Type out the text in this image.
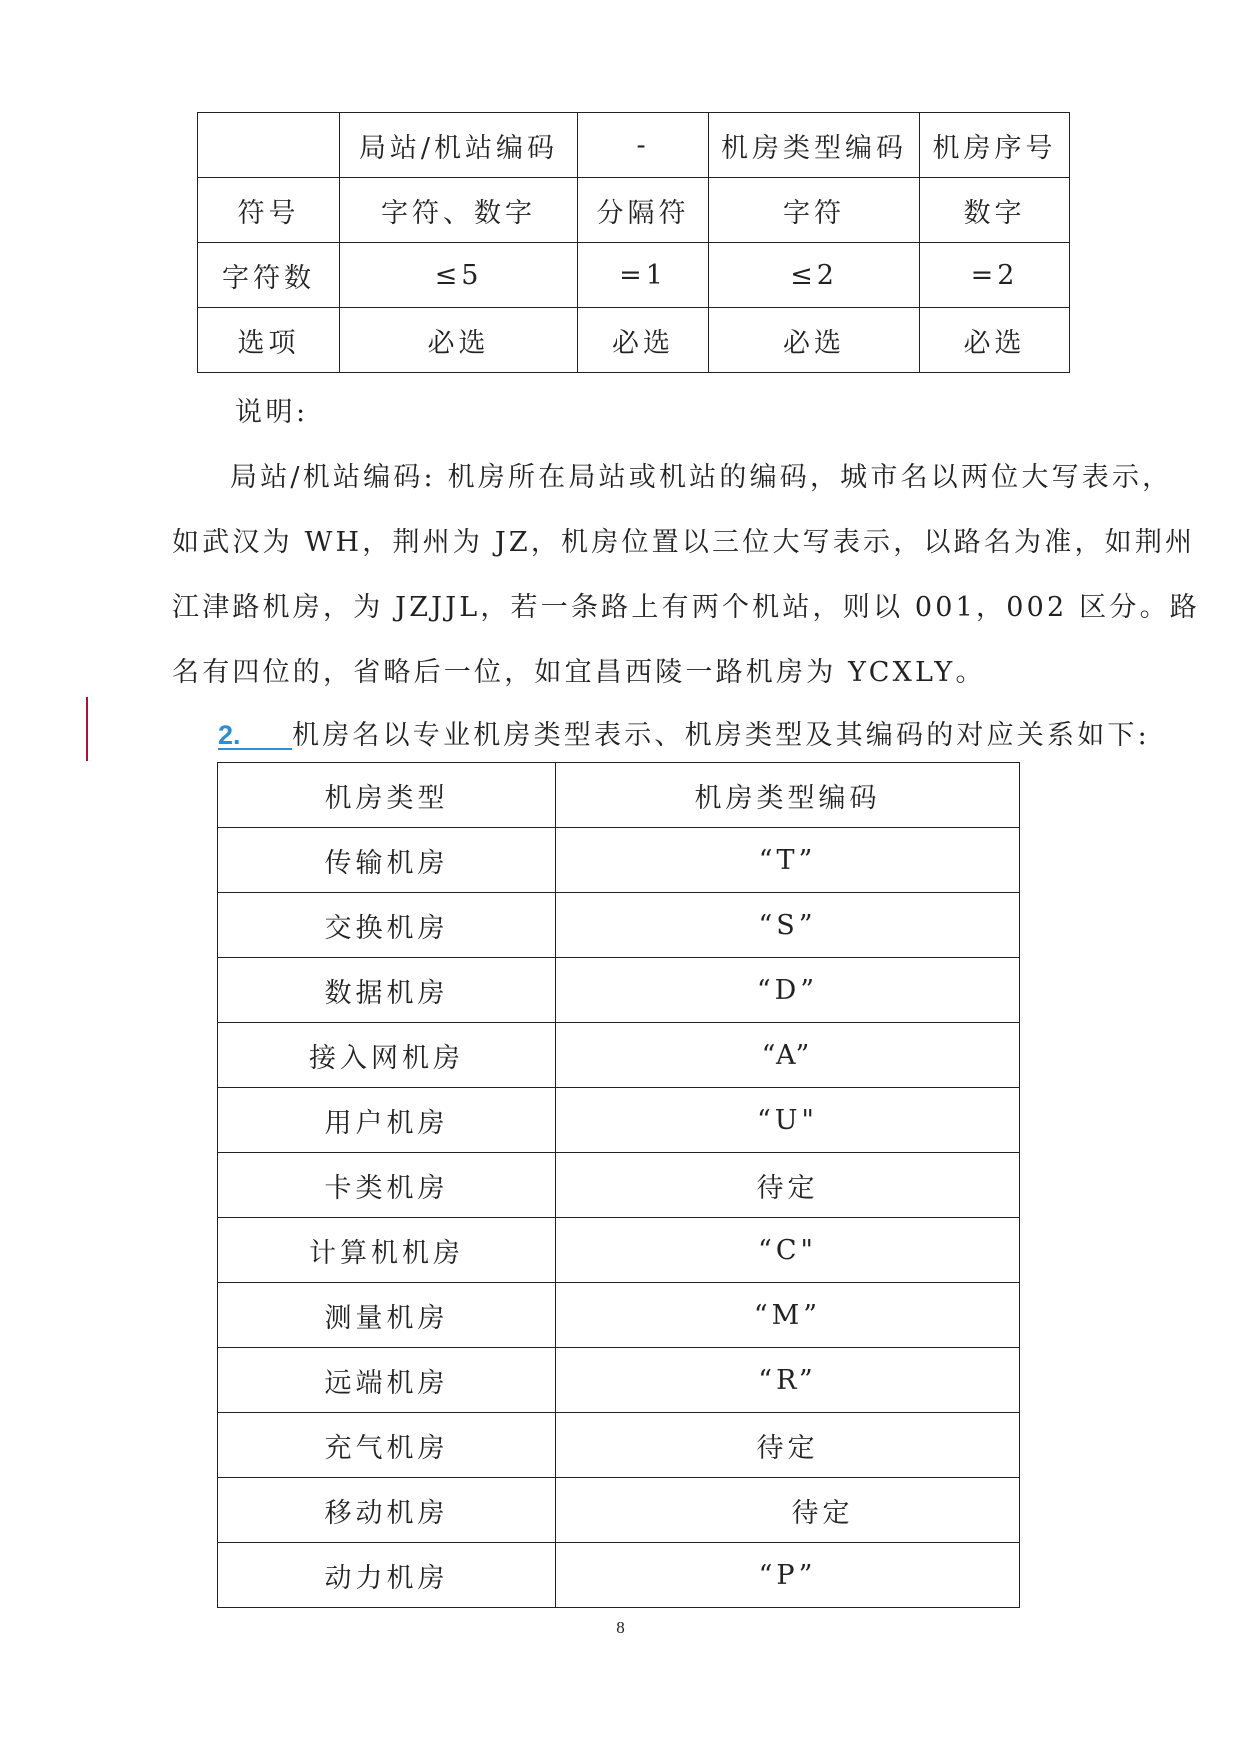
	局站/机站编码	-	机房类型编码	机房序号
符号	字符、数字	分隔符	字符	数字
字符数	≤5	=1	≤2	=2
选项	必选	必选	必选	必选

说明:

局站/机站编码: 机房所在局站或机站的编码，城市名以两位大写表示，

如武汉为 WH，荆州为 JZ，机房位置以三位大写表示，以路名为准，如荆州

江津路机房，为 JZJJL，若一条路上有两个机站，则以 001，002 区分。路

名有四位的，省略后一位，如宜昌西陵一路机房为 YCXLY。

2. 机房名以专业机房类型表示、机房类型及其编码的对应关系如下:
机房类型	机房类型编码
传输机房	“T”
交换机房	“S”
数据机房	“D”
接入网机房	“A”
用户机房	“U"
卡类机房	待定
计算机机房	“C"
测量机房	“M”
远端机房	“R”
充气机房	待定
移动机房	待定
动力机房	“P”
8
